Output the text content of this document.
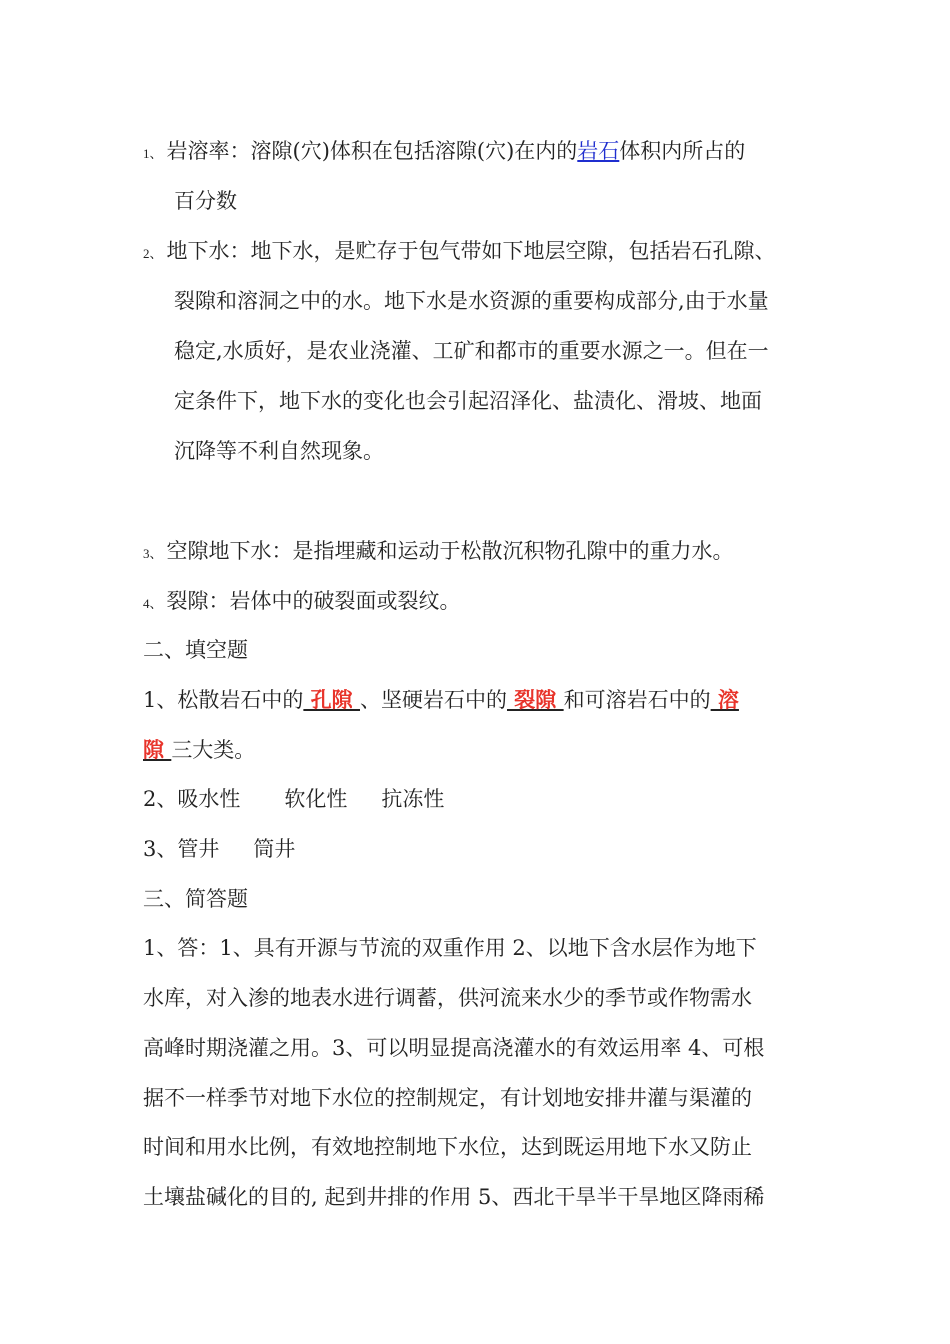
1、 岩溶率：溶隙(穴)体积在包括溶隙(穴)在内的岩石体积内所占的
百分数
2、 地下水：地下水，是贮存于包气带如下地层空隙，包括岩石孔隙、
裂隙和溶洞之中的水。地下水是水资源的重要构成部分,由于水量
稳定,水质好，是农业浇灌、工矿和都市的重要水源之一。但在一
定条件下，地下水的变化也会引起沼泽化、盐渍化、滑坡、地面
沉降等不利自然现象。
3、 空隙地下水：是指埋藏和运动于松散沉积物孔隙中的重力水。
4、 裂隙：岩体中的破裂面或裂纹。
二、填空题
1、松散岩石中的 孔隙 、坚硬岩石中的 裂隙 和可溶岩石中的 溶
隙 三大类。
2、吸水性 软化性 抗冻性
3、管井 筒井
三、简答题
1、答：1、具有开源与节流的双重作用 2、以地下含水层作为地下
水库，对入渗的地表水进行调蓄，供河流来水少的季节或作物需水
高峰时期浇灌之用。3、可以明显提高浇灌水的有效运用率 4、可根
据不一样季节对地下水位的控制规定，有计划地安排井灌与渠灌的
时间和用水比例，有效地控制地下水位，达到既运用地下水又防止
土壤盐碱化的目的, 起到井排的作用 5、西北干旱半干旱地区降雨稀
